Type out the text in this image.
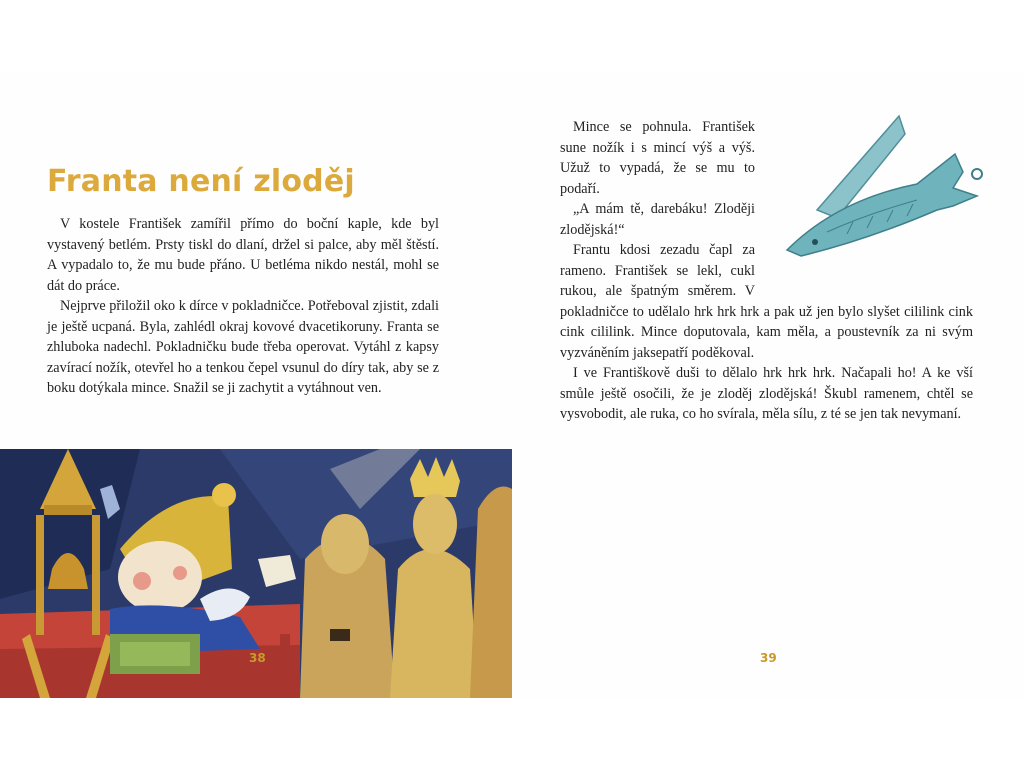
Franta není zloděj

V kostele František zamířil přímo do boční kaple, kde byl vystavený betlém. Prsty tiskl do dlaní, držel si palce, aby měl štěstí. A vypadalo to, že mu bude přáno. U betléma nikdo nestál, mohl se dát do práce.

Nejprve přiložil oko k dírce v pokladničce. Potřeboval zjistit, zdali je ještě ucpaná. Byla, zahlédl okraj kovové dvacetikoruny. Franta se zhluboka nadechl. Pokladničku bude třeba operovat. Vytáhl z kapsy zavírací nožík, otevřel ho a tenkou čepel vsunul do díry tak, aby se z boku dotýkala mince. Snažil se ji zachytit a vytáhnout ven.

38

Mince se pohnula. František sune nožík i s mincí výš a výš. Užuž to vypadá, že se mu to podaří.

„A mám tě, darebáku! Zloději zlodějská!“

Frantu kdosi zezadu čapl za rameno. František se lekl, cukl rukou, ale špatným směrem. V pokladničce to udělalo hrk hrk hrk a pak už jen bylo slyšet cililink cink cink cililink. Mince doputovala, kam měla, a poustevník za ni svým vyzváněním jaksepatří poděkoval.

I ve Františkově duši to dělalo hrk hrk hrk. Načapali ho! A ke vší smůle ještě osočili, že je zloděj zlodějská! Škubl ramenem, chtěl se vysvobodit, ale ruka, co ho svírala, měla sílu, z té se jen tak nevymaní.

39
